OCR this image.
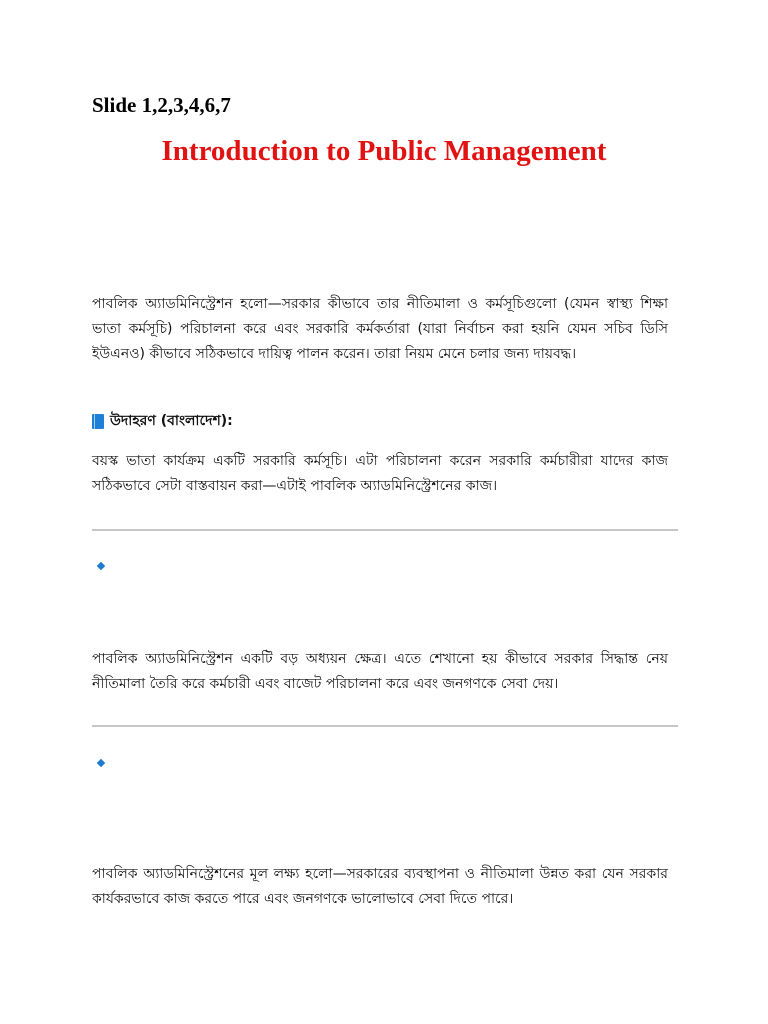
Slide 1,2,3,4,6,7
Introduction to Public Management

পাবলিক অ্যাডমিনিস্ট্রেশন হলো—সরকার কীভাবে তার নীতিমালা ও কর্মসূচিগুলো (যেমন স্বাস্থ্য শিক্ষা ভাতা কর্মসূচি) পরিচালনা করে এবং সরকারি কর্মকর্তারা (যারা নির্বাচন করা হয়নি যেমন সচিব ডিসি ইউএনও) কীভাবে সঠিকভাবে দায়িত্ব পালন করেন। তারা নিয়ম মেনে চলার জন্য দায়বদ্ধ।

উদাহরণ (বাংলাদেশ):

বয়স্ক ভাতা কার্যক্রম একটি সরকারি কর্মসূচি। এটা পরিচালনা করেন সরকারি কর্মচারীরা যাদের কাজ সঠিকভাবে সেটা বাস্তবায়ন করা—এটাই পাবলিক অ্যাডমিনিস্ট্রেশনের কাজ।

পাবলিক অ্যাডমিনিস্ট্রেশন একটি বড় অধ্যয়ন ক্ষেত্র। এতে শেখানো হয় কীভাবে সরকার সিদ্ধান্ত নেয় নীতিমালা তৈরি করে কর্মচারী এবং বাজেট পরিচালনা করে এবং জনগণকে সেবা দেয়।

পাবলিক অ্যাডমিনিস্ট্রেশনের মূল লক্ষ্য হলো—সরকারের ব্যবস্থাপনা ও নীতিমালা উন্নত করা যেন সরকার কার্যকরভাবে কাজ করতে পারে এবং জনগণকে ভালোভাবে সেবা দিতে পারে।
